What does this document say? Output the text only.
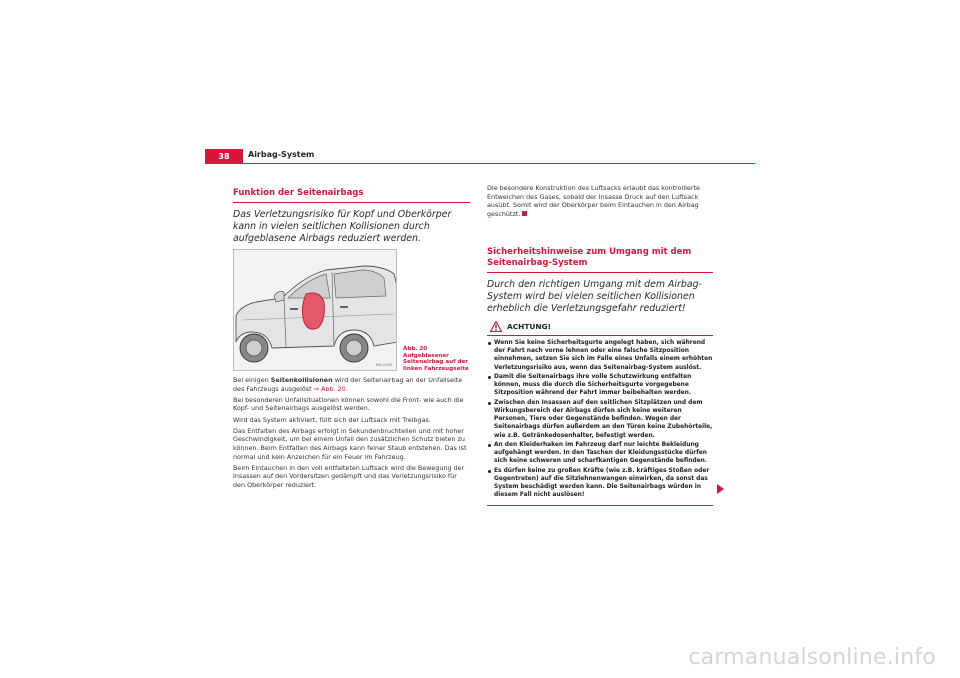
38	Airbag-System
Funktion der Seitenairbags
Das Verletzungsrisiko für Kopf und Oberkörper kann in vielen seitlichen Kollisionen durch aufgeblasene Airbags reduziert werden.
B6J-0180
Abb. 20 Aufgeblasener Seitenairbag auf der linken Fahrzeugseite

Bei einigen Seitenkollisionen wird der Seitenairbag an der Unfallseite des Fahrzeugs ausgelöst ⇒ Abb. 20.

Bei besonderen Unfallsituationen können sowohl die Front- wie auch die Kopf- und Seitenairbags ausgelöst werden.

Wird das System aktiviert, füllt sich der Luftsack mit Treibgas.

Das Entfalten des Airbags erfolgt in Sekundenbruchteilen und mit hoher Geschwindigkeit, um bei einem Unfall den zusätzlichen Schutz bieten zu können. Beim Entfalten des Airbags kann feiner Staub entstehen. Das ist normal und kein Anzeichen für ein Feuer im Fahrzeug.

Beim Eintauchen in den voll entfalteten Luftsack wird die Bewegung der Insassen auf den Vordersitzen gedämpft und das Verletzungsrisiko für den Oberkörper reduziert.

Die besondere Konstruktion des Luftsacks erlaubt das kontrollierte Entweichen des Gases, sobald der Insasse Druck auf den Luftsack ausübt. Somit wird der Oberkörper beim Eintauchen in den Airbag geschützt.

Sicherheitshinweise zum Umgang mit dem Seitenairbag-System
Durch den richtigen Umgang mit dem Airbag-System wird bei vielen seitlichen Kollisionen erheblich die Verletzungsgefahr reduziert!
ACHTUNG!
Wenn Sie keine Sicherheitsgurte angelegt haben, sich während der Fahrt nach vorne lehnen oder eine falsche Sitzposition einnehmen, setzen Sie sich im Falle eines Unfalls einem erhöhten Verletzungsrisiko aus, wenn das Seitenairbag-System auslöst.
Damit die Seitenairbags ihre volle Schutzwirkung entfalten können, muss die durch die Sicherheitsgurte vorgegebene Sitzposition während der Fahrt immer beibehalten werden.
Zwischen den Insassen auf den seitlichen Sitzplätzen und dem Wirkungsbereich der Airbags dürfen sich keine weiteren Personen, Tiere oder Gegenstände befinden. Wegen der Seitenairbags dürfen außerdem an den Türen keine Zubehörteile, wie z.B. Getränkedosenhalter, befestigt werden.
An den Kleiderhaken im Fahrzeug darf nur leichte Bekleidung aufgehängt werden. In den Taschen der Kleidungsstücke dürfen sich keine schweren und scharfkantigen Gegenstände befinden.
Es dürfen keine zu großen Kräfte (wie z.B. kräftiges Stoßen oder Gegentreten) auf die Sitzlehnenwangen einwirken, da sonst das System beschädigt werden kann. Die Seitenairbags würden in diesem Fall nicht auslösen!
carmanualsonline.info
